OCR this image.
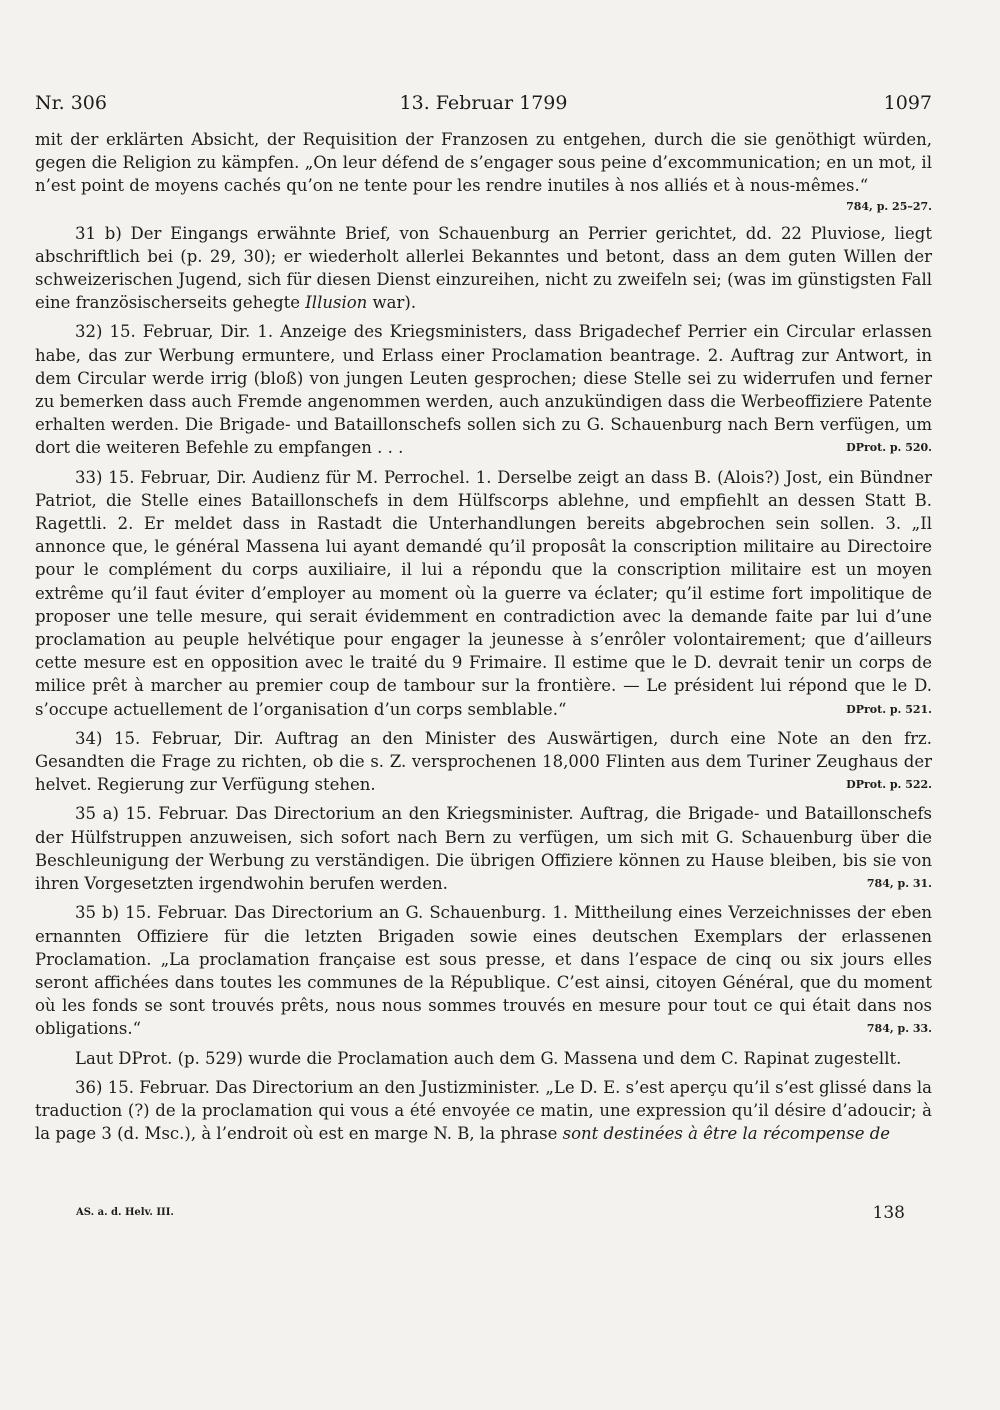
Nr. 306	13. Februar 1799	1097

mit der erklärten Absicht, der Requisition der Franzosen zu entgehen, durch die sie genöthigt würden, gegen die Religion zu kämpfen. „On leur défend de s’engager sous peine d’excommunication; en un mot, il n’est point de moyens cachés qu’on ne tente pour les rendre inutiles à nos alliés et à nous-mêmes.“

784, p. 25–27.

31 b) Der Eingangs erwähnte Brief, von Schauenburg an Perrier gerichtet, dd. 22 Pluviose, liegt abschriftlich bei (p. 29, 30); er wiederholt allerlei Bekanntes und betont, dass an dem guten Willen der schweizerischen Jugend, sich für diesen Dienst einzureihen, nicht zu zweifeln sei; (was im günstigsten Fall eine französischerseits gehegte Illusion war).

32) 15. Februar, Dir. 1. Anzeige des Kriegsministers, dass Brigadechef Perrier ein Circular erlassen habe, das zur Werbung ermuntere, und Erlass einer Proclamation beantrage. 2. Auftrag zur Antwort, in dem Circular werde irrig (bloß) von jungen Leuten gesprochen; diese Stelle sei zu widerrufen und ferner zu bemerken dass auch Fremde angenommen werden, auch anzukündigen dass die Werbeoffiziere Patente erhalten werden. Die Brigade- und Bataillonschefs sollen sich zu G. Schauenburg nach Bern verfügen, um dort die weiteren Befehle zu empfangen . . .	DProt. p. 520.

33) 15. Februar, Dir. Audienz für M. Perrochel. 1. Derselbe zeigt an dass B. (Alois?) Jost, ein Bündner Patriot, die Stelle eines Bataillonschefs in dem Hülfscorps ablehne, und empfiehlt an dessen Statt B. Ragettli. 2. Er meldet dass in Rastadt die Unterhandlungen bereits abgebrochen sein sollen. 3. „Il annonce que, le général Massena lui ayant demandé qu’il proposât la conscription militaire au Directoire pour le complément du corps auxiliaire, il lui a répondu que la conscription militaire est un moyen extrême qu’il faut éviter d’employer au moment où la guerre va éclater; qu’il estime fort impolitique de proposer une telle mesure, qui serait évidemment en contradiction avec la demande faite par lui d’une proclamation au peuple helvétique pour engager la jeunesse à s’enrôler volontairement; que d’ailleurs cette mesure est en opposition avec le traité du 9 Frimaire. Il estime que le D. devrait tenir un corps de milice prêt à marcher au premier coup de tambour sur la frontière. — Le président lui répond que le D. s’occupe actuellement de l’organisation d’un corps semblable.“	DProt. p. 521.

34) 15. Februar, Dir. Auftrag an den Minister des Auswärtigen, durch eine Note an den frz. Gesandten die Frage zu richten, ob die s. Z. versprochenen 18,000 Flinten aus dem Turiner Zeughaus der helvet. Regierung zur Verfügung stehen.	DProt. p. 522.

35 a) 15. Februar. Das Directorium an den Kriegsminister. Auftrag, die Brigade- und Bataillonschefs der Hülfstruppen anzuweisen, sich sofort nach Bern zu verfügen, um sich mit G. Schauenburg über die Beschleunigung der Werbung zu verständigen. Die übrigen Offiziere können zu Hause bleiben, bis sie von ihren Vorgesetzten irgendwohin berufen werden.	784, p. 31.

35 b) 15. Februar. Das Directorium an G. Schauenburg. 1. Mittheilung eines Verzeichnisses der eben ernannten Offiziere für die letzten Brigaden sowie eines deutschen Exemplars der erlassenen Proclamation. „La proclamation française est sous presse, et dans l’espace de cinq ou six jours elles seront affichées dans toutes les communes de la République. C’est ainsi, citoyen Général, que du moment où les fonds se sont trouvés prêts, nous nous sommes trouvés en mesure pour tout ce qui était dans nos obligations.“	784, p. 33.

Laut DProt. (p. 529) wurde die Proclamation auch dem G. Massena und dem C. Rapinat zugestellt.

36) 15. Februar. Das Directorium an den Justizminister. „Le D. E. s’est aperçu qu’il s’est glissé dans la traduction (?) de la proclamation qui vous a été envoyée ce matin, une expression qu’il désire d’adoucir; à la page 3 (d. Msc.), à l’endroit où est en marge N. B, la phrase sont destinées à être la récompense de

AS. a. d. Helv. III.	138
